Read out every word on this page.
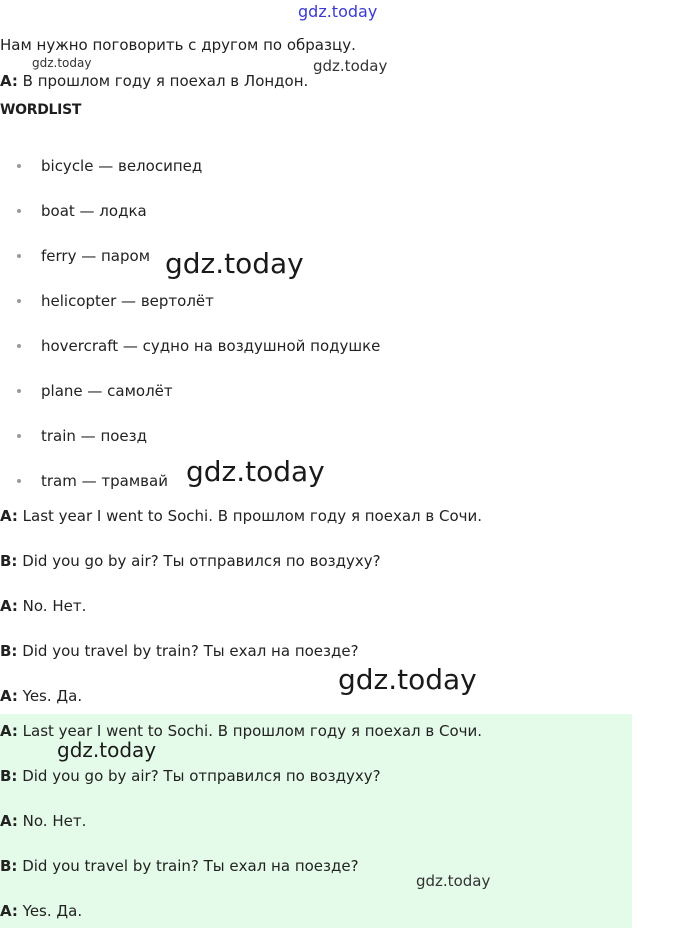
gdz.today
Нам нужно поговорить с другом по образцу.
gdz.today	gdz.today
A: В прошлом году я поехал в Лондон.
WORDLIST
bicycle — велосипед
boat — лодка
ferry — паром
helicopter — вертолёт
hovercraft — судно на воздушной подушке
plane — самолёт
train — поезд
tram — трамвай
gdz.today
gdz.today
A: Last year I went to Sochi. В прошлом году я поехал в Сочи.
B: Did you go by air? Ты отправился по воздуху?
A: No. Нет.
B: Did you travel by train? Ты ехал на поезде?
A: Yes. Да.	gdz.today
A: Last year I went to Sochi. В прошлом году я поехал в Сочи.
B: Did you go by air? Ты отправился по воздуху?
A: No. Нет.
B: Did you travel by train? Ты ехал на поезде?
A: Yes. Да.
gdz.today
gdz.today
